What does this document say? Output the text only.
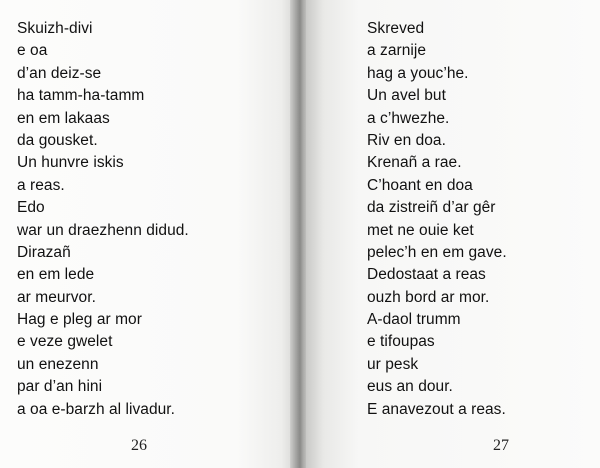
Skuizh-divi
e oa
d’an deiz-se
ha tamm-ha-tamm
en em lakaas
da gousket.
Un hunvre iskis
a reas.
Edo
war un draezhenn didud.
Dirazañ
en em lede
ar meurvor.
Hag e pleg ar mor
e veze gwelet
un enezenn
par d’an hini
a oa e-barzh al livadur.
26
Skreved
a zarnije
hag a youc’he.
Un avel but
a c’hwezhe.
Riv en doa.
Krenañ a rae.
C’hoant en doa
da zistreiñ d’ar gêr
met ne ouie ket
pelec’h en em gave.
Dedostaat a reas
ouzh bord ar mor.
A-daol trumm
e tifoupas
ur pesk
eus an dour.
E anavezout a reas.
27
